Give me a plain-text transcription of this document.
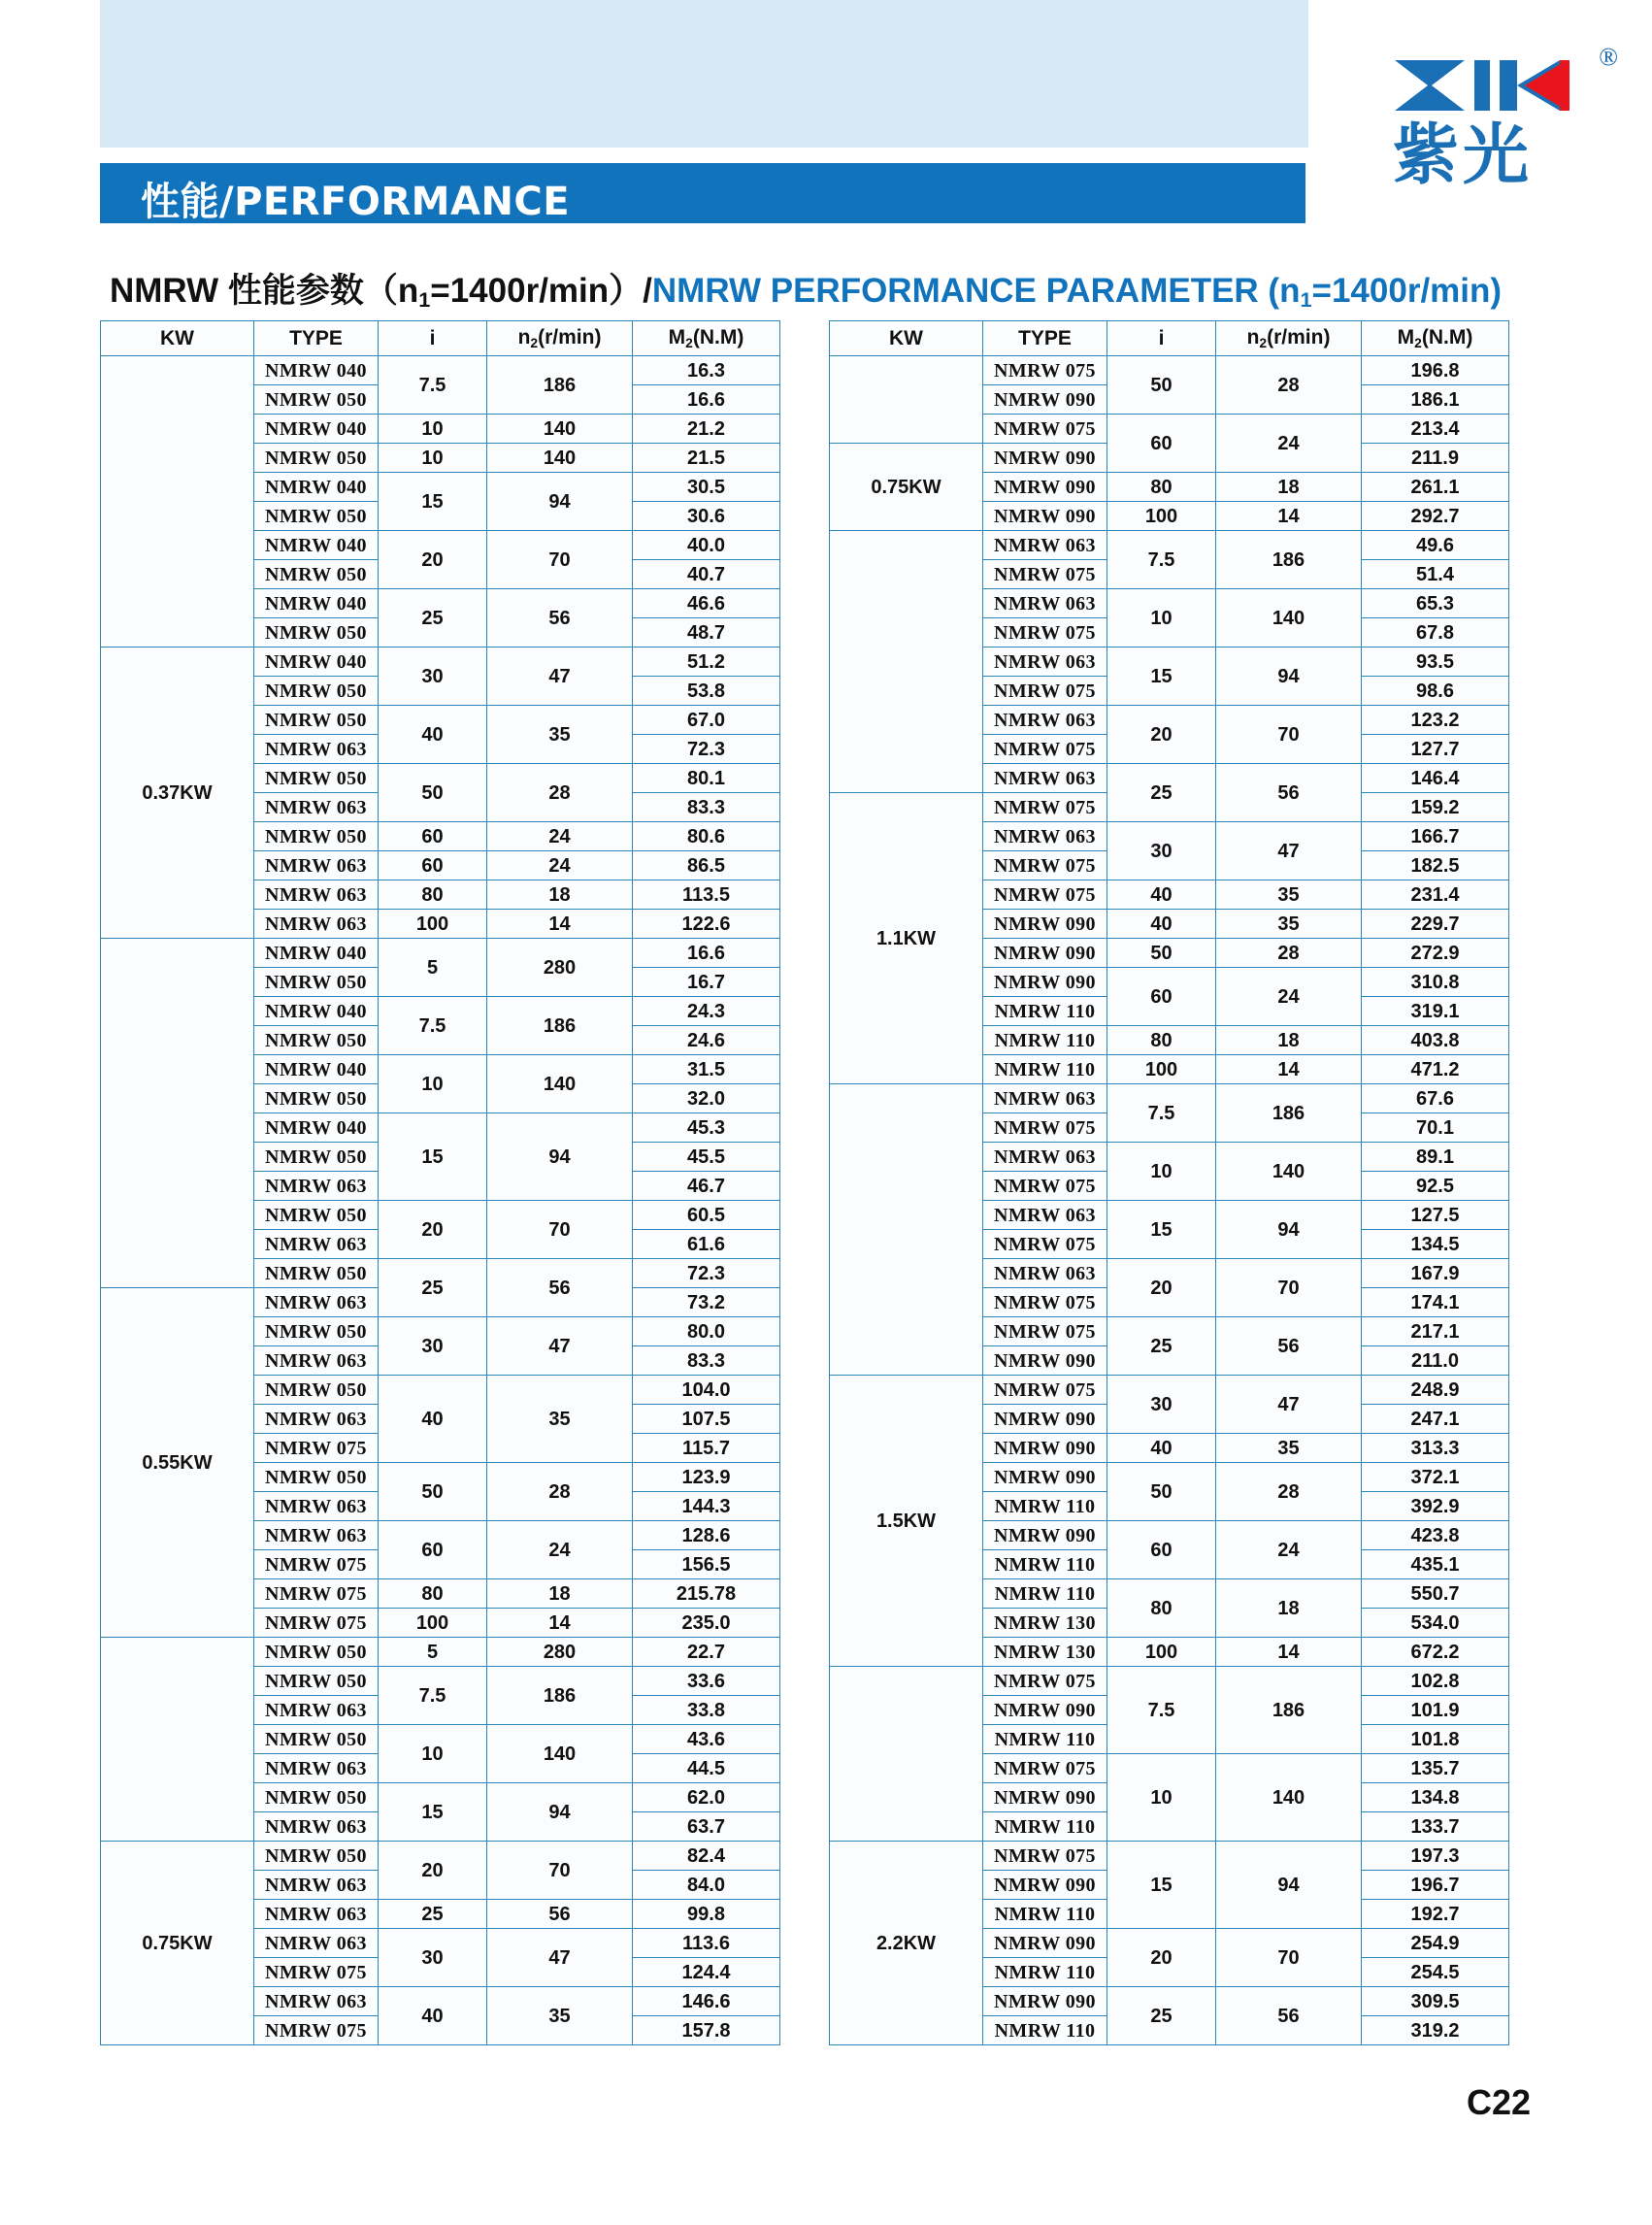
®
紫光
性能/PERFORMANCE
NMRW 性能参数$(n_1=1400r/\min)$/NMRW PERFORMANCE PARAMETER $(n_1=1400r/\min)$
KW	TYPE	i	$n_2(r/\min)$	$M_2(N.M)$
	NMRW 040	7.5	186	16.3
	NMRW 050			16.6
	NMRW 040	10	140	21.2
	NMRW 050	10	140	21.5
	NMRW 040	15	94	30.5
	NMRW 050			30.6
	NMRW 040	20	70	40.0
	NMRW 050			40.7
	NMRW 040	25	56	46.6
	NMRW 050			48.7
0.37KW	NMRW 040	30	47	51.2
	NMRW 050			53.8
	NMRW 050	40	35	67.0
	NMRW 063			72.3
	NMRW 050	50	28	80.1
	NMRW 063			83.3
	NMRW 050	60	24	80.6
	NMRW 063	60	24	86.5
	NMRW 063	80	18	113.5
	NMRW 063	100	14	122.6
	NMRW 040	5	280	16.6
	NMRW 050			16.7
	NMRW 040	7.5	186	24.3
	NMRW 050			24.6
	NMRW 040	10	140	31.5
	NMRW 050			32.0
	NMRW 040	15	94	45.3
	NMRW 050			45.5
	NMRW 063			46.7
	NMRW 050	20	70	60.5
	NMRW 063			61.6
	NMRW 050	25	56	72.3
0.55KW	NMRW 063			73.2
	NMRW 050	30	47	80.0
	NMRW 063			83.3
	NMRW 050	40	35	104.0
	NMRW 063			107.5
	NMRW 075			115.7
	NMRW 050	50	28	123.9
	NMRW 063			144.3
	NMRW 063	60	24	128.6
	NMRW 075			156.5
	NMRW 075	80	18	215.78
	NMRW 075	100	14	235.0
	NMRW 050	5	280	22.7
	NMRW 050	7.5	186	33.6
	NMRW 063			33.8
	NMRW 050	10	140	43.6
	NMRW 063			44.5
	NMRW 050	15	94	62.0
	NMRW 063			63.7
0.75KW	NMRW 050	20	70	82.4
	NMRW 063			84.0
	NMRW 063	25	56	99.8
	NMRW 063	30	47	113.6
	NMRW 075			124.4
	NMRW 063	40	35	146.6
	NMRW 075			157.8
KW	TYPE	i	$n_2(r/\min)$	$M_2(N.M)$
	NMRW 075	50	28	196.8
	NMRW 090			186.1
	NMRW 075	60	24	213.4
0.75KW	NMRW 090			211.9
	NMRW 090	80	18	261.1
	NMRW 090	100	14	292.7
	NMRW 063	7.5	186	49.6
	NMRW 075			51.4
	NMRW 063	10	140	65.3
	NMRW 075			67.8
	NMRW 063	15	94	93.5
	NMRW 075			98.6
	NMRW 063	20	70	123.2
	NMRW 075			127.7
	NMRW 063	25	56	146.4
1.1KW	NMRW 075			159.2
	NMRW 063	30	47	166.7
	NMRW 075			182.5
	NMRW 075	40	35	231.4
	NMRW 090	40	35	229.7
	NMRW 090	50	28	272.9
	NMRW 090	60	24	310.8
	NMRW 110			319.1
	NMRW 110	80	18	403.8
	NMRW 110	100	14	471.2
	NMRW 063	7.5	186	67.6
	NMRW 075			70.1
	NMRW 063	10	140	89.1
	NMRW 075			92.5
	NMRW 063	15	94	127.5
	NMRW 075			134.5
	NMRW 063	20	70	167.9
	NMRW 075			174.1
	NMRW 075	25	56	217.1
	NMRW 090			211.0
1.5KW	NMRW 075	30	47	248.9
	NMRW 090			247.1
	NMRW 090	40	35	313.3
	NMRW 090	50	28	372.1
	NMRW 110			392.9
	NMRW 090	60	24	423.8
	NMRW 110			435.1
	NMRW 110	80	18	550.7
	NMRW 130			534.0
	NMRW 130	100	14	672.2
	NMRW 075	7.5	186	102.8
	NMRW 090			101.9
	NMRW 110			101.8
	NMRW 075	10	140	135.7
	NMRW 090			134.8
	NMRW 110			133.7
2.2KW	NMRW 075	15	94	197.3
	NMRW 090			196.7
	NMRW 110			192.7
	NMRW 090	20	70	254.9
	NMRW 110			254.5
	NMRW 090	25	56	309.5
	NMRW 110			319.2
C22
